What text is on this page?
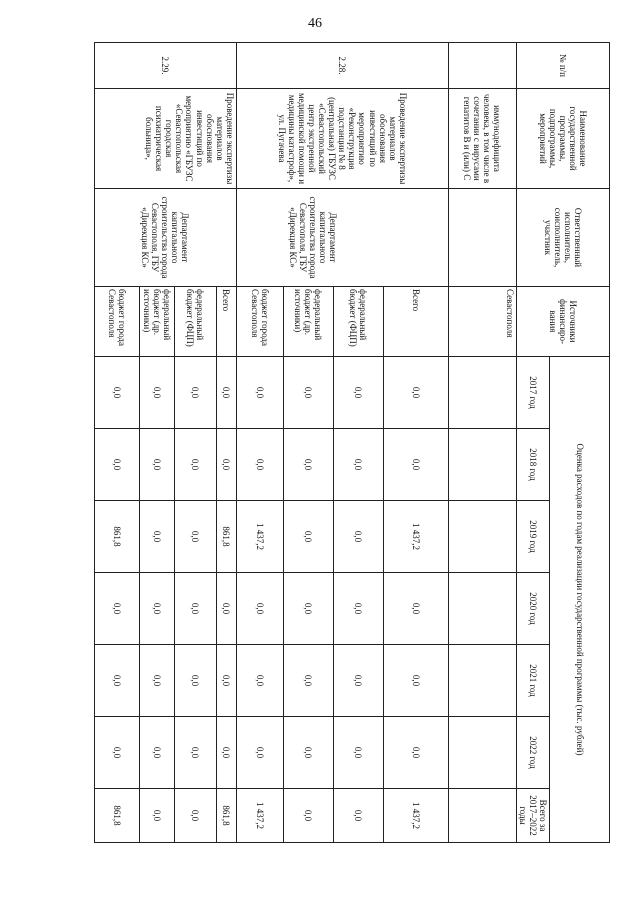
46
№ п/п	Наименование государственной программы, подпрограммы, мероприятий	Ответственный исполнитель, соисполнитель, участник	Источники финансиро-вания	Оценка расходов по годам реализации государственной программы (тыс. рублей)						
				2017 год	2018 год	2019 год	2020 год	2021 год	2022 год	Всего за 2017–2022 годы
	иммунодефицита человека, в том числе в сочетании с вирусами гепатитов В и (или) С		Севастополя							
2.28.	Проведение экспертизы материалов обоснования инвестиций по мероприятию «Реконструкция подстанции № 8 (центральная) ГБУЗС «Севастопольский центр экстренной медицинской помощи и медицины катастроф», ул. Пугачева	Департамент капитального строительства города Севастополя, ГБУ «Дирекция КС»	Всего	0,0	0,0	1 437,2	0,0	0,0	0,0	1 437,2
			федеральный бюджет (ФЦП)	0,0	0,0	0,0	0,0	0,0	0,0	0,0
			федеральный бюджет (др. источники)	0,0	0,0	0,0	0,0	0,0	0,0	0,0
			бюджет города Севастополя	0,0	0,0	1 437,2	0,0	0,0	0,0	1 437,2
2.29.	Проведение экспертизы материалов обоснования инвестиций по мероприятию «ГБУЗС «Севастопольская городская психиатрическая больница»,	Департамент капитального строительства города Севастополя, ГБУ «Дирекция КС»	Всего	0,0	0,0	861,8	0,0	0,0	0,0	861,8
			федеральный бюджет (ФЦП)	0,0	0,0	0,0	0,0	0,0	0,0	0,0
			федеральный бюджет (др. источники)	0,0	0,0	0,0	0,0	0,0	0,0	0,0
			бюджет города Севастополя	0,0	0,0	861,8	0,0	0,0	0,0	861,8
